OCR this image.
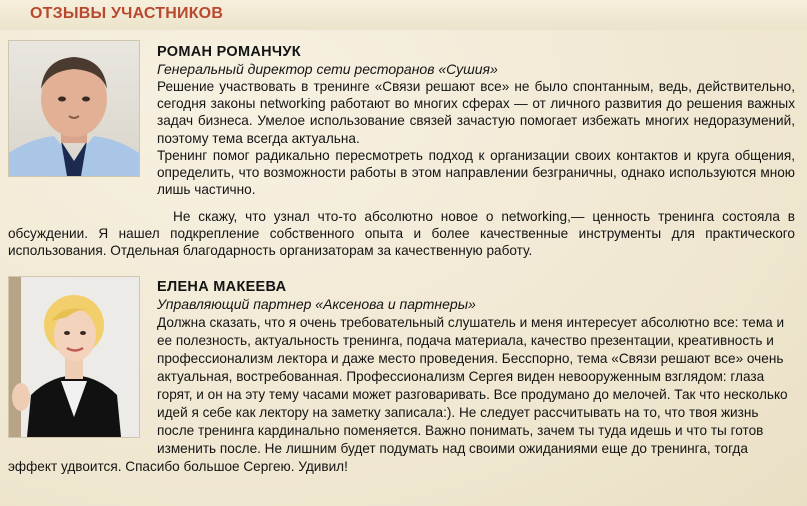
ОТЗЫВЫ УЧАСТНИКОВ
РОМАН РОМАНЧУК
Генеральный директор сети ресторанов «Сушия»

Решение участвовать в тренинге «Связи решают все» не было спонтанным, ведь, действительно, сегодня законы networking работают во многих сферах — от личного развития до решения важных задач бизнеса. Умелое использование связей зачастую помогает избежать многих недоразумений, поэтому тема всегда актуальна.

Тренинг помог радикально пересмотреть подход к организации своих контактов и круга общения, определить, что возможности работы в этом направлении безграничны, однако используются мною лишь частично.

Не скажу, что узнал что-то абсолютно новое о networking,— ценность тренинга состояла в обсуждении. Я нашел подкрепление собственного опыта и более качественные инструменты для практического использования. Отдельная благодарность организаторам за качественную работу.

ЕЛЕНА МАКЕЕВА
Управляющий партнер «Аксенова и партнеры»

Должна сказать, что я очень требовательный слушатель и меня интересует абсолютно все: тема и ее полезность, актуальность тренинга, подача материала, качество презентации, креативность и профессионализм лектора и даже место проведения. Бесспорно, тема «Связи решают все» очень актуальная, востребованная. Профессионализм Сергея виден невооруженным взглядом: глаза горят, и он на эту тему часами может разговаривать. Все продумано до мелочей. Так что несколько идей я себе как лектору на заметку записала:). Не следует рассчитывать на то, что твоя жизнь после тренинга кардинально поменяется. Важно понимать, зачем ты туда идешь и что ты готов изменить после. Не лишним будет подумать над своими ожиданиями еще до тренинга, тогда эффект удвоится. Спасибо большое Сергею. Удивил!
